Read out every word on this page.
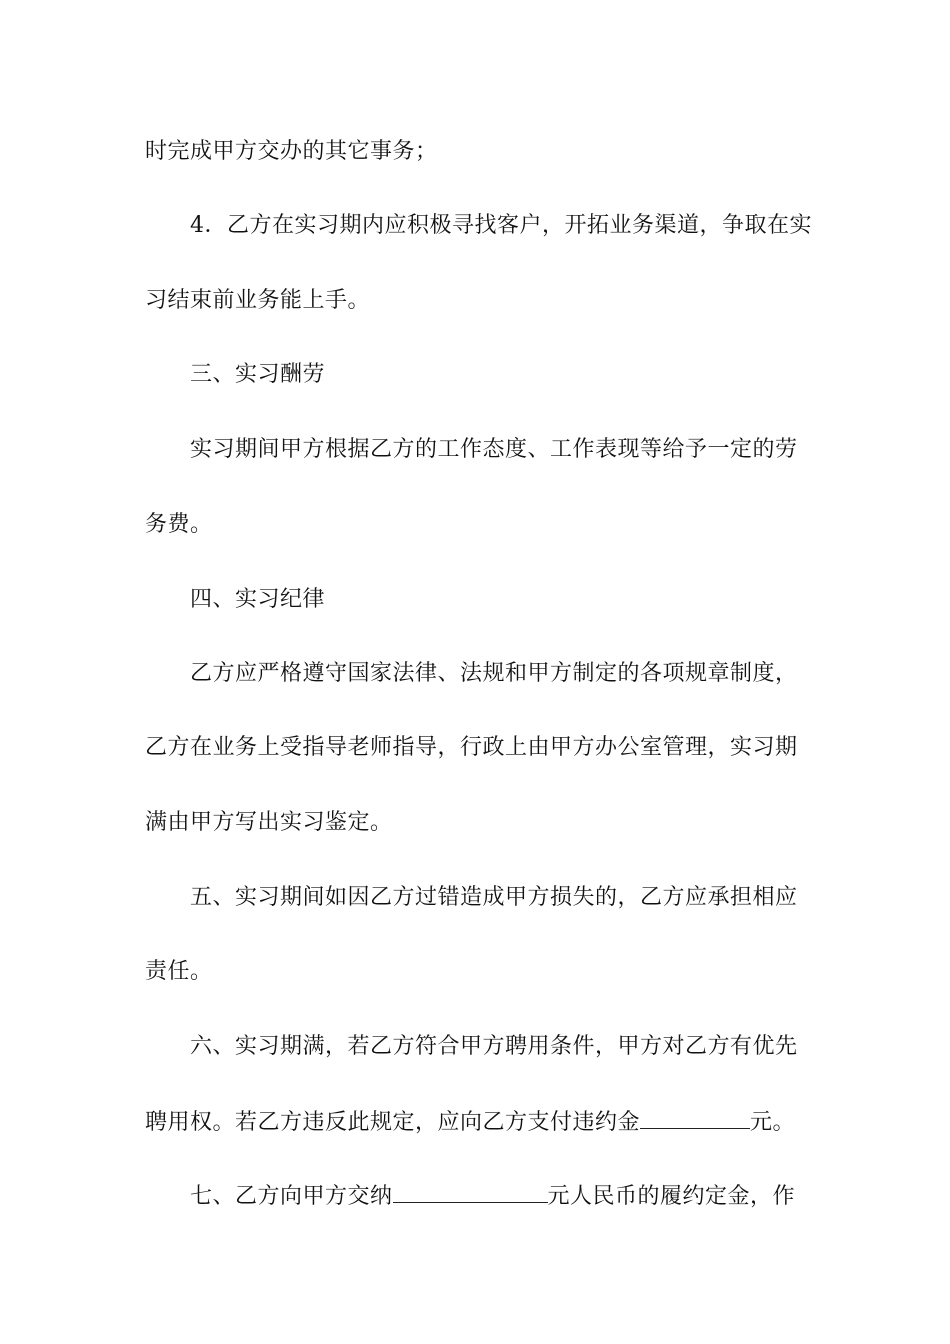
时完成甲方交办的其它事务；
4．乙方在实习期内应积极寻找客户，开拓业务渠道，争取在实
习结束前业务能上手。
三、实习酬劳
实习期间甲方根据乙方的工作态度、工作表现等给予一定的劳
务费。
四、实习纪律
乙方应严格遵守国家法律、法规和甲方制定的各项规章制度，
乙方在业务上受指导老师指导，行政上由甲方办公室管理，实习期
满由甲方写出实习鉴定。
五、实习期间如因乙方过错造成甲方损失的，乙方应承担相应
责任。
六、实习期满，若乙方符合甲方聘用条件，甲方对乙方有优先
聘用权。若乙方违反此规定，应向乙方支付违约金	元。
七、乙方向甲方交纳	元人民币的履约定金，作
